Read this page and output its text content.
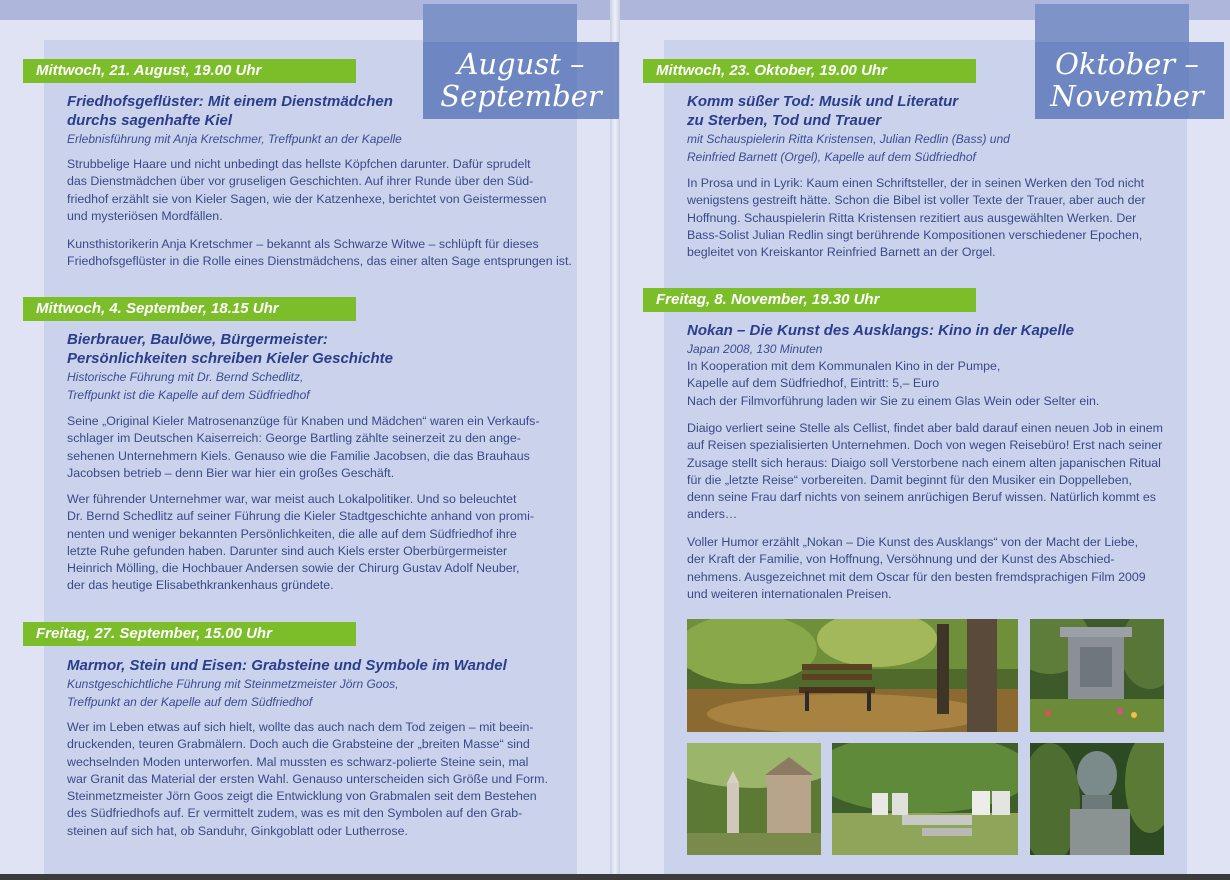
August –
September
Oktober –
November
Mittwoch, 21. August, 19.00 Uhr
Friedhofsgeflüster: Mit einem Dienstmädchen
durchs sagenhafte Kiel
Erlebnisführung mit Anja Kretschmer, Treffpunkt an der Kapelle
Strubbelige Haare und nicht unbedingt das hellste Köpfchen darunter. Dafür sprudelt
das Dienstmädchen über vor gruseligen Geschichten. Auf ihrer Runde über den Süd-
friedhof erzählt sie von Kieler Sagen, wie der Katzenhexe, berichtet von Geistermessen
und mysteriösen Mordfällen.
Kunsthistorikerin Anja Kretschmer – bekannt als Schwarze Witwe – schlüpft für dieses
Friedhofsgeflüster in die Rolle eines Dienstmädchens, das einer alten Sage entsprungen ist.
Mittwoch, 4. September, 18.15 Uhr
Bierbrauer, Baulöwe, Bürgermeister:
Persönlichkeiten schreiben Kieler Geschichte
Historische Führung mit Dr. Bernd Schedlitz,
Treffpunkt ist die Kapelle auf dem Südfriedhof
Seine „Original Kieler Matrosenanzüge für Knaben und Mädchen“ waren ein Verkaufs-
schlager im Deutschen Kaiserreich: George Bartling zählte seinerzeit zu den ange-
sehenen Unternehmern Kiels. Genauso wie die Familie Jacobsen, die das Brauhaus
Jacobsen betrieb – denn Bier war hier ein großes Geschäft.
Wer führender Unternehmer war, war meist auch Lokalpolitiker. Und so beleuchtet
Dr. Bernd Schedlitz auf seiner Führung die Kieler Stadtgeschichte anhand von promi-
nenten und weniger bekannten Persönlichkeiten, die alle auf dem Südfriedhof ihre
letzte Ruhe gefunden haben. Darunter sind auch Kiels erster Oberbürgermeister
Heinrich Mölling, die Hochbauer Andersen sowie der Chirurg Gustav Adolf Neuber,
der das heutige Elisabethkrankenhaus gründete.
Freitag, 27. September, 15.00 Uhr
Marmor, Stein und Eisen: Grabsteine und Symbole im Wandel
Kunstgeschichtliche Führung mit Steinmetzmeister Jörn Goos,
Treffpunkt an der Kapelle auf dem Südfriedhof
Wer im Leben etwas auf sich hielt, wollte das auch nach dem Tod zeigen – mit beein-
druckenden, teuren Grabmälern. Doch auch die Grabsteine der „breiten Masse“ sind
wechselnden Moden unterworfen. Mal mussten es schwarz-polierte Steine sein, mal
war Granit das Material der ersten Wahl. Genauso unterscheiden sich Größe und Form.
Steinmetzmeister Jörn Goos zeigt die Entwicklung von Grabmalen seit dem Bestehen
des Südfriedhofs auf. Er vermittelt zudem, was es mit den Symbolen auf den Grab-
steinen auf sich hat, ob Sanduhr, Ginkgoblatt oder Lutherrose.
Mittwoch, 23. Oktober, 19.00 Uhr
Komm süßer Tod: Musik und Literatur
zu Sterben, Tod und Trauer
mit Schauspielerin Ritta Kristensen, Julian Redlin (Bass) und
Reinfried Barnett (Orgel), Kapelle auf dem Südfriedhof
In Prosa und in Lyrik: Kaum einen Schriftsteller, der in seinen Werken den Tod nicht
wenigstens gestreift hätte. Schon die Bibel ist voller Texte der Trauer, aber auch der
Hoffnung. Schauspielerin Ritta Kristensen rezitiert aus ausgewählten Werken. Der
Bass-Solist Julian Redlin singt berührende Kompositionen verschiedener Epochen,
begleitet von Kreiskantor Reinfried Barnett an der Orgel.
Freitag, 8. November, 19.30 Uhr
Nokan – Die Kunst des Ausklangs: Kino in der Kapelle
Japan 2008, 130 Minuten
In Kooperation mit dem Kommunalen Kino in der Pumpe,
Kapelle auf dem Südfriedhof, Eintritt: 5,– Euro
Nach der Filmvorführung laden wir Sie zu einem Glas Wein oder Selter ein.
Diaigo verliert seine Stelle als Cellist, findet aber bald darauf einen neuen Job in einem
auf Reisen spezialisierten Unternehmen. Doch von wegen Reisebüro! Erst nach seiner
Zusage stellt sich heraus: Diaigo soll Verstorbene nach einem alten japanischen Ritual
für die „letzte Reise“ vorbereiten. Damit beginnt für den Musiker ein Doppelleben,
denn seine Frau darf nichts von seinem anrüchigen Beruf wissen. Natürlich kommt es
anders…
Voller Humor erzählt „Nokan – Die Kunst des Ausklangs“ von der Macht der Liebe,
der Kraft der Familie, von Hoffnung, Versöhnung und der Kunst des Abschied-
nehmens. Ausgezeichnet mit dem Oscar für den besten fremdsprachigen Film 2009
und weiteren internationalen Preisen.
